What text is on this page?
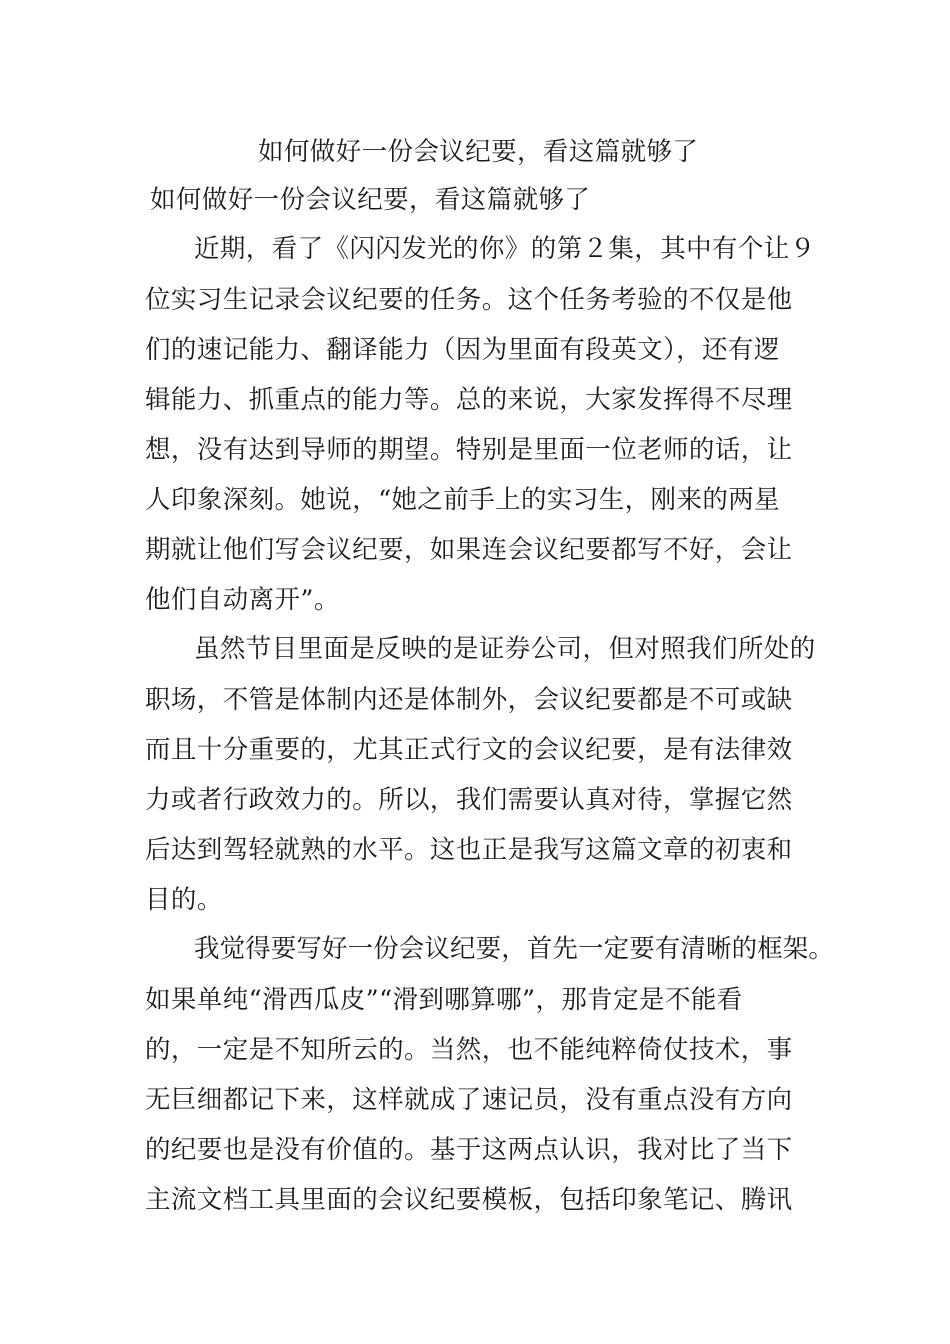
如何做好一份会议纪要，看这篇就够了
如何做好一份会议纪要，看这篇就够了
近期，看了《闪闪发光的你》的第２集，其中有个让９
位实习生记录会议纪要的任务。这个任务考验的不仅是他
们的速记能力、翻译能力（因为里面有段英文），还有逻
辑能力、抓重点的能力等。总的来说，大家发挥得不尽理
想，没有达到导师的期望。特别是里面一位老师的话，让
人印象深刻。她说，“她之前手上的实习生，刚来的两星
期就让他们写会议纪要，如果连会议纪要都写不好，会让
他们自动离开”。
虽然节目里面是反映的是证券公司，但对照我们所处的
职场，不管是体制内还是体制外，会议纪要都是不可或缺
而且十分重要的，尤其正式行文的会议纪要，是有法律效
力或者行政效力的。所以，我们需要认真对待，掌握它然
后达到驾轻就熟的水平。这也正是我写这篇文章的初衷和
目的。
我觉得要写好一份会议纪要，首先一定要有清晰的框架。
如果单纯“滑西瓜皮”“滑到哪算哪”，那肯定是不能看
的，一定是不知所云的。当然，也不能纯粹倚仗技术，事
无巨细都记下来，这样就成了速记员，没有重点没有方向
的纪要也是没有价值的。基于这两点认识，我对比了当下
主流文档工具里面的会议纪要模板，包括印象笔记、腾讯
